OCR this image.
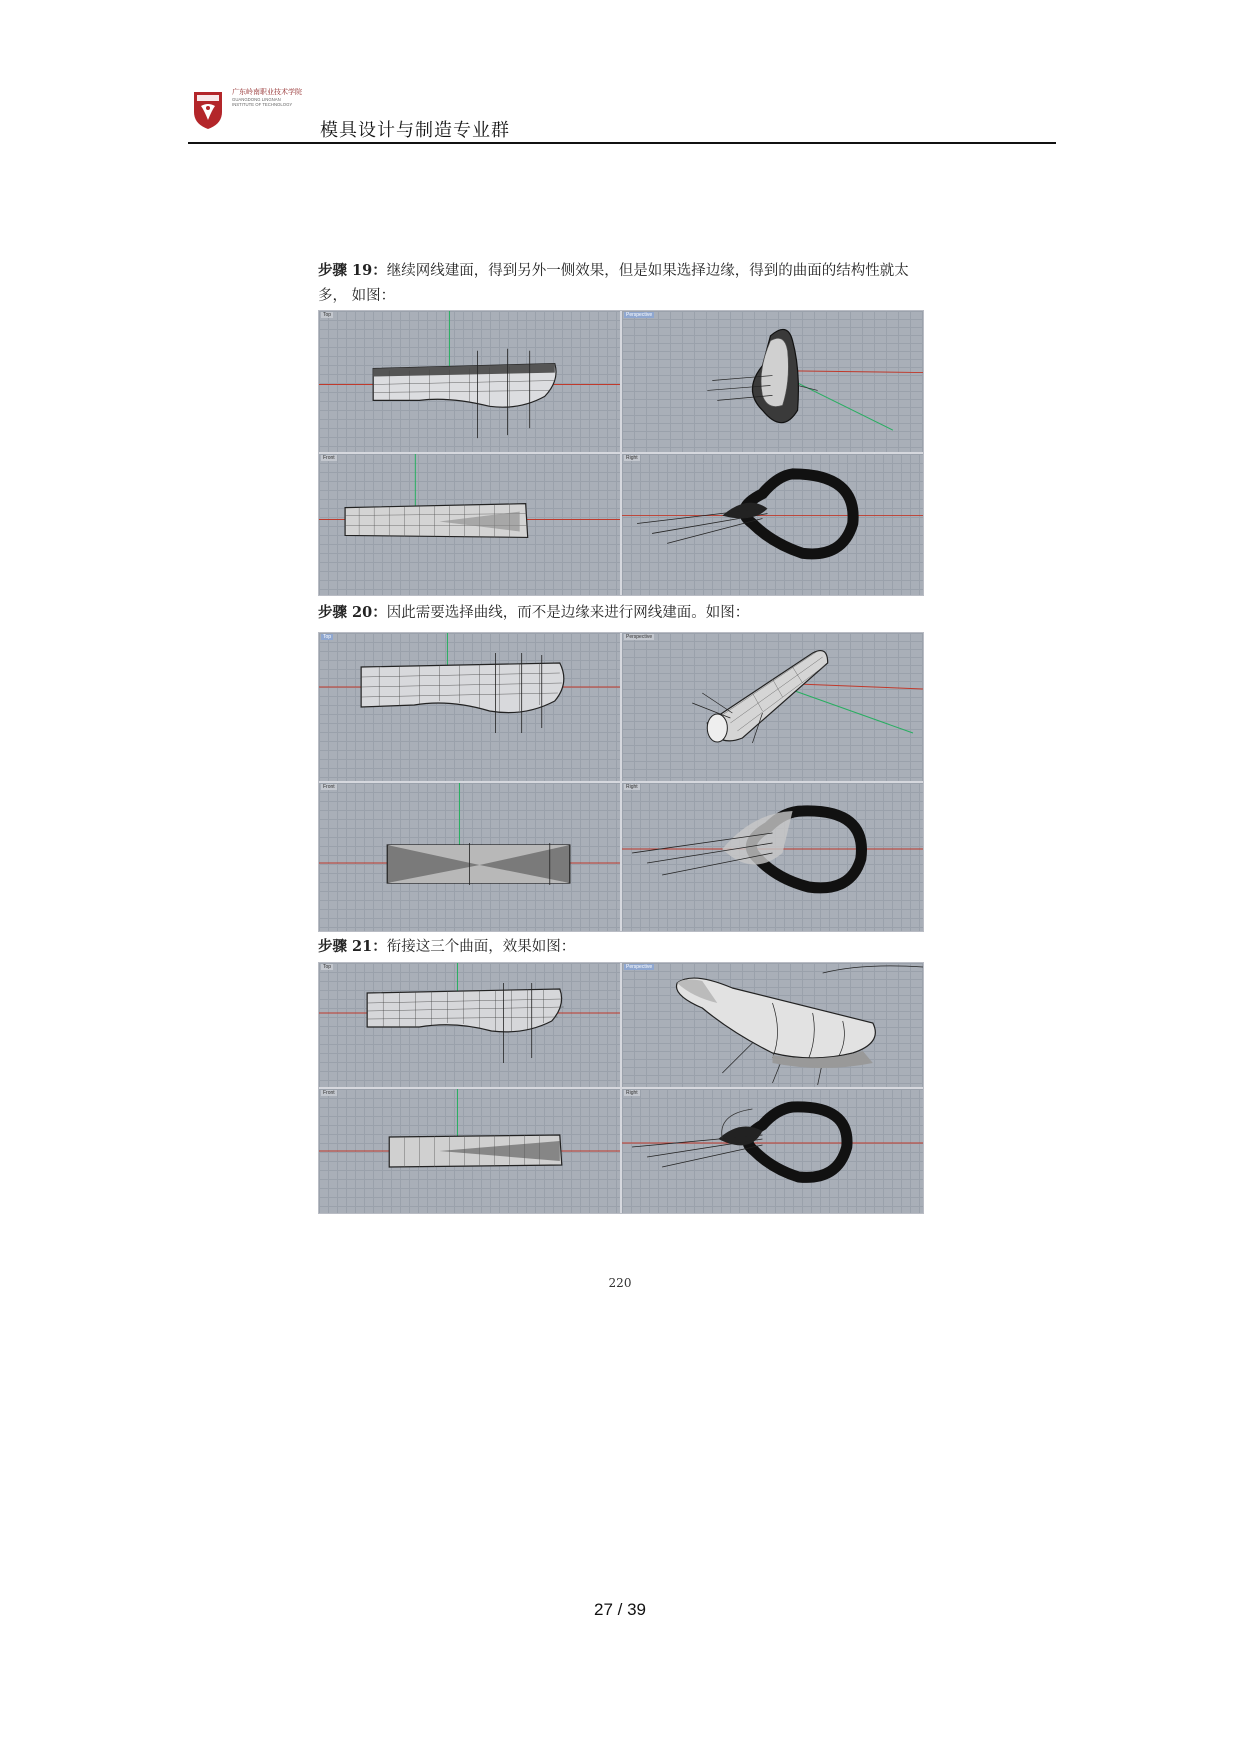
广东岭南职业技术学院
GUANGDONG LINGNAN
INSTITUTE OF TECHNOLOGY
模具设计与制造专业群
步骤 19：继续网线建面，得到另外一侧效果，但是如果选择边缘，得到的曲面的结构性就太多， 如图：
Top	Perspective
Front	Right
步骤 20：因此需要选择曲线，而不是边缘来进行网线建面。如图：
Top	Perspective
Front	Right
步骤 21：衔接这三个曲面，效果如图：
Top	Perspective
Front	Right
220
27 / 39
